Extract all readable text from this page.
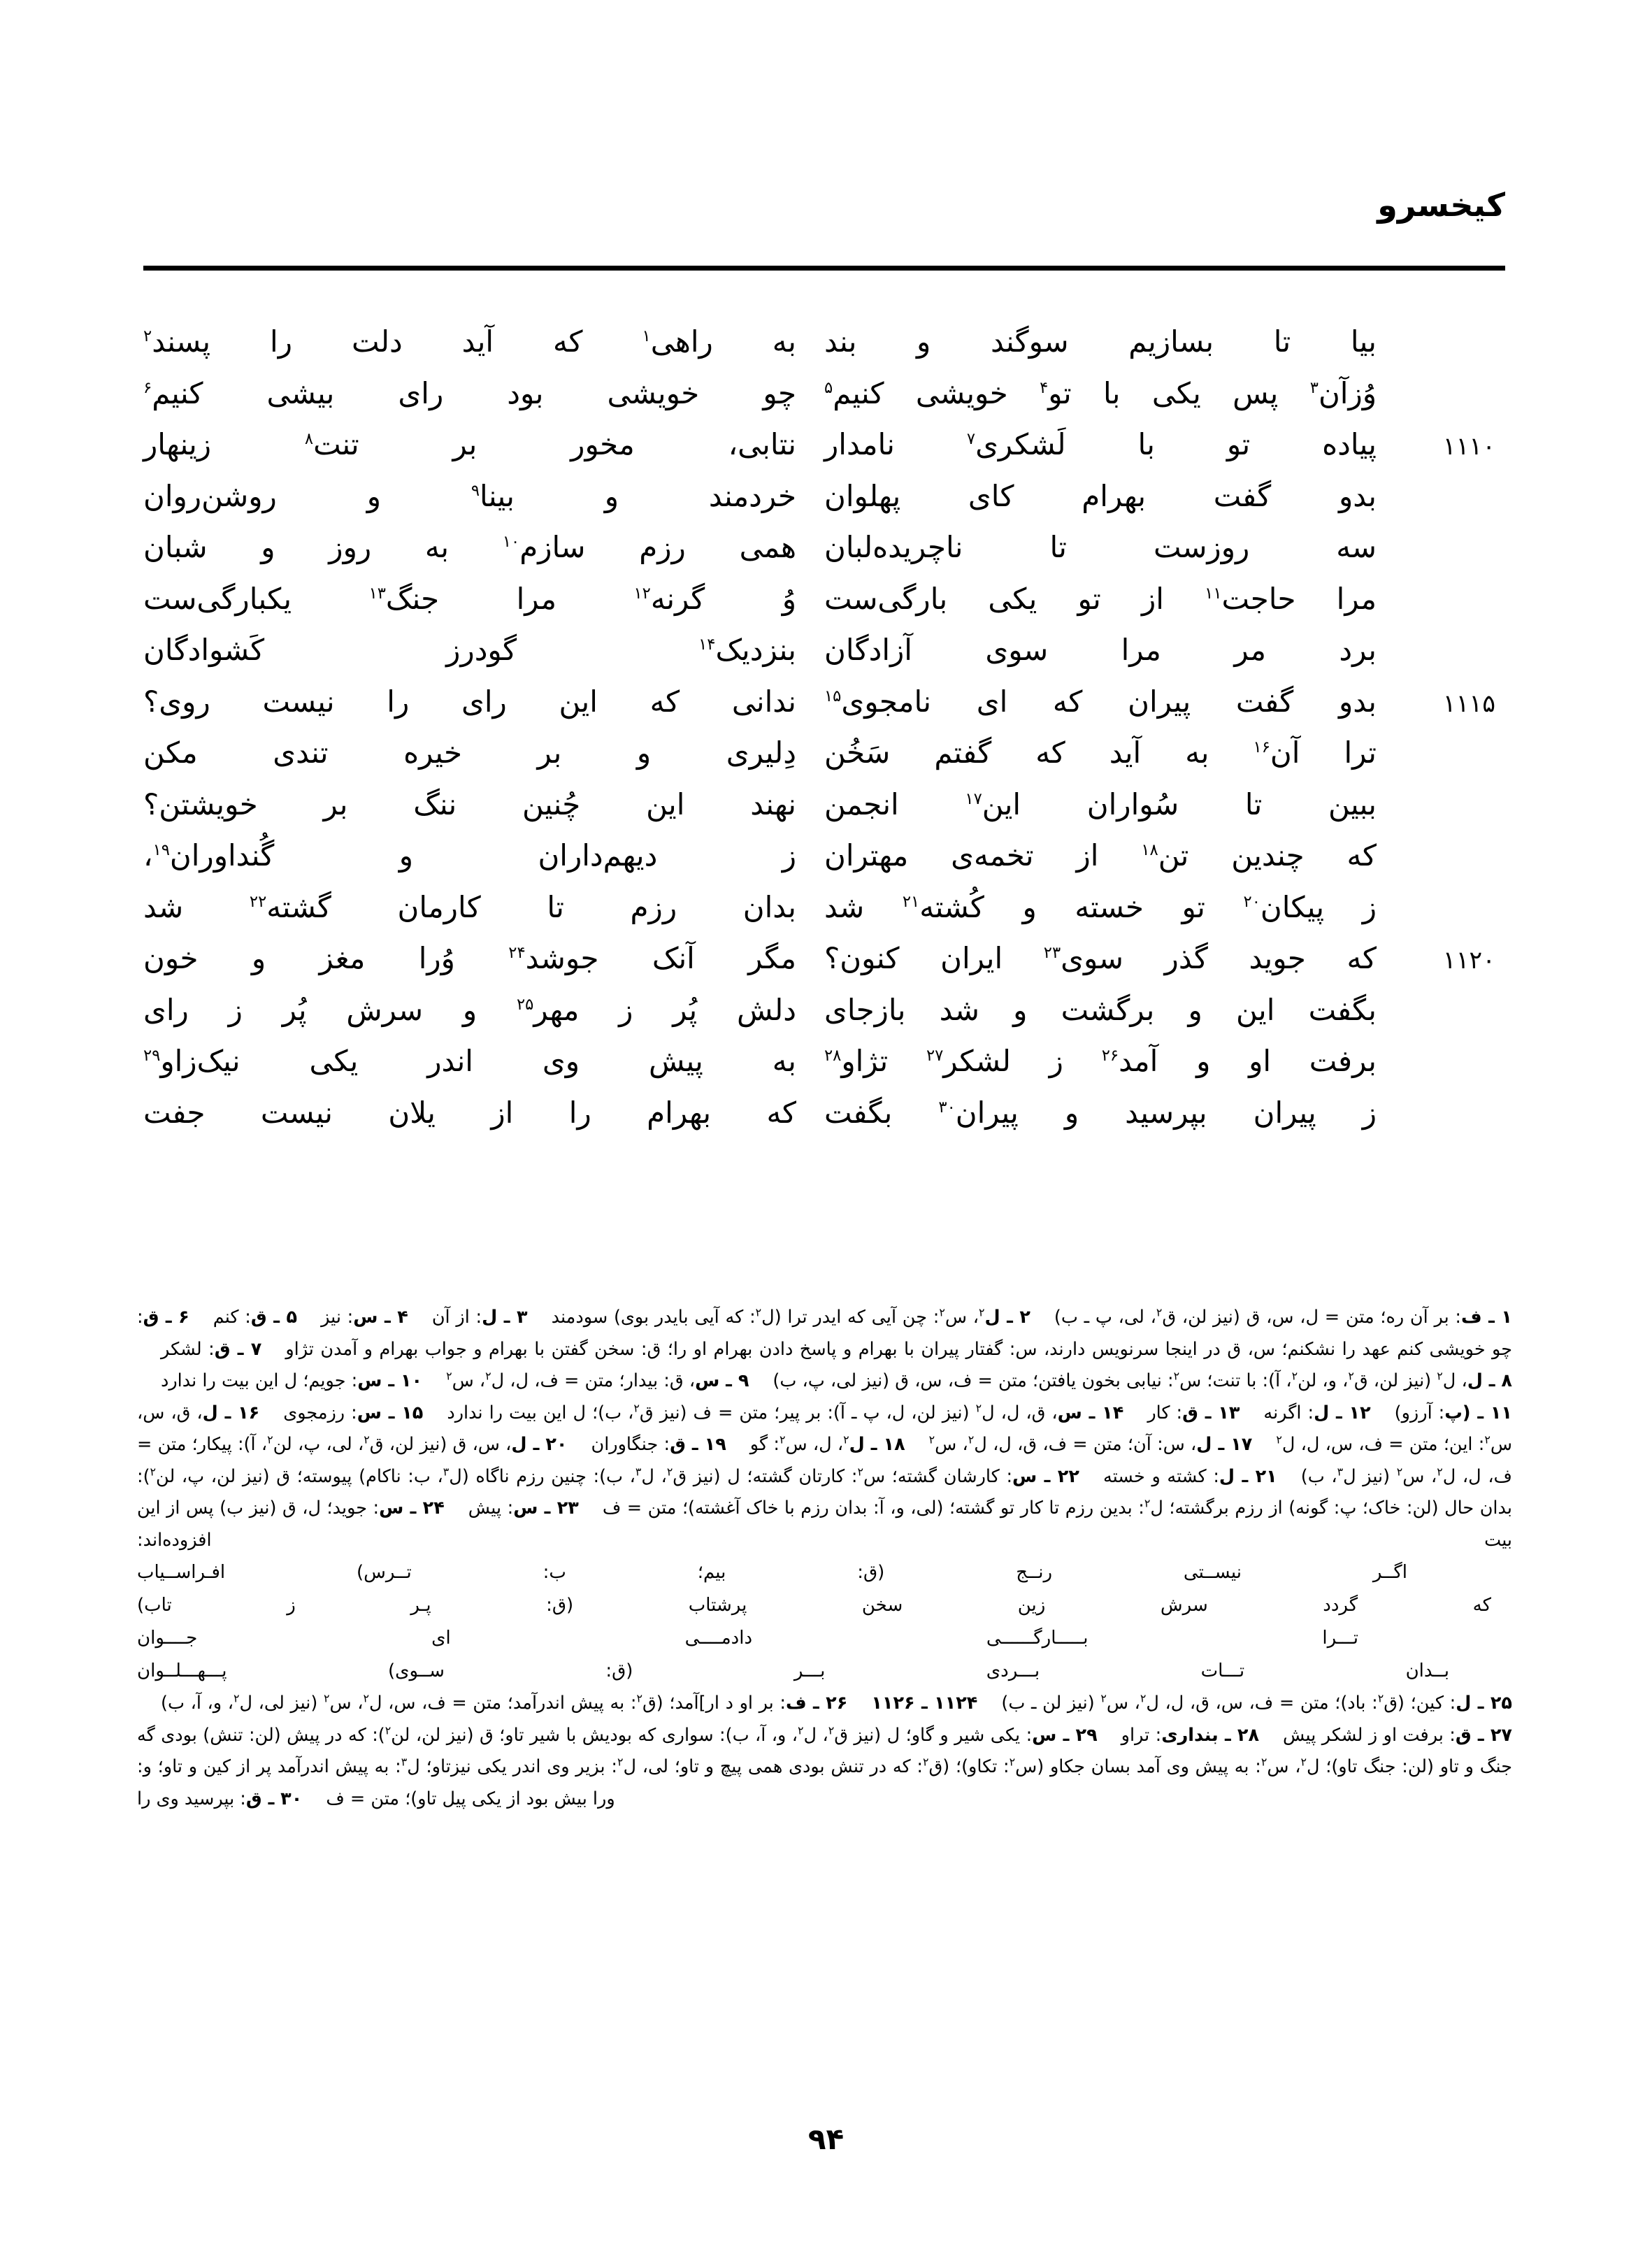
کیخسرو
بیا تا بسازیم سوگند و بند
به راهی$^۱$ که آید دلت را پسند$^۲$
وُزآن$^۳$ پس یکی با تو$^۴$ خویشی کنیم$^۵$
چو خویشی بود رای بیشی کنیم$^۶$
۱۱۱۰
پیاده تو با لَشکری$^۷$ نامدار
نتابی، مخور بر تنت$^۸$ زینهار
بدو گفت بهرام کای پهلوان
خردمند و بینا$^۹$ و روشن‌روان
سه روزست تا ناچریده‌لبان
همی رزم سازم$^{۱۰}$ به روز و شبان
مرا حاجت$^{۱۱}$ از تو یکی بارگی‌ست
وُ گرنه$^{۱۲}$ مرا جنگ$^{۱۳}$ یکبارگی‌ست
برد مر مرا سوی آزادگان
بنزدیک$^{۱۴}$ گودرز کَشوادگان
۱۱۱۵
بدو گفت پیران که ای نامجوی$^{۱۵}$
ندانی که این رای را نیست روی؟
ترا آن$^{۱۶}$ به آید که گفتم سَخُن
دِلیری و بر خیره تندی مکن
ببین تا سُواران این$^{۱۷}$ انجمن
نهند این چُنین ننگ بر خویشتن؟
که چندین تن$^{۱۸}$ از تخمه‌ی مهتران
ز دیهم‌داران و گُنداوران$^{۱۹}$،
ز پیکان$^{۲۰}$ تو خسته و کُشته$^{۲۱}$ شد
بدان رزم تا کارمان گشته$^{۲۲}$ شد
۱۱۲۰
که جوید گذر سوی$^{۲۳}$ ایران کنون؟
مگر آنک جوشد$^{۲۴}$ وُرا مغز و خون
بگفت این و برگشت و شد بازجای
دلش پُر ز مهر$^{۲۵}$ و سرش پُر ز رای
برفت او و آمد$^{۲۶}$ ز لشکر$^{۲۷}$ تژاو$^{۲۸}$
به پیش وی اندر یکی نیک‌زاو$^{۲۹}$
ز پیران بپرسید و پیران$^{۳۰}$ بگفت
که بهرام را از یلان نیست جفت
۱ ـ ف: بر آن ره؛ متن = ل، س، ق (نیز لن، ق$^۲$، لی، پ ـ ب)۲ ـ ل$^۲$، س$^۲$: چن آیی که ایدر ترا (ل$^۲$: که آیی بایدر بوی) سودمند۳ ـ ل: از آن۴ ـ س: نیز۵ ـ ق: کنم۶ ـ ق: چو خویشی کنم عهد را نشکنم؛ س، ق در اینجا سرنویس دارند، س: گفتار پیران با بهرام و پاسخ دادن بهرام او را؛ ق: سخن گفتن با بهرام و جواب بهرام و آمدن تژاو۷ ـ ق: لشکر۸ ـ ل، ل$^۲$ (نیز لن، ق$^۲$، و، لن$^۲$، آ): با تنت؛ س$^۲$: نیابی بخون یافتن؛ متن = ف، س، ق (نیز لی، پ، ب)۹ ـ س، ق: بیدار؛ متن = ف، ل، ل$^۲$، س$^۲$۱۰ ـ س: جویم؛ ل این بیت را ندارد۱۱ ـ (پ: آرزو)۱۲ ـ ل: اگرنه۱۳ ـ ق: کار۱۴ ـ س، ق، ل، ل$^۲$ (نیز لن، ل، پ ـ آ): بر پیر؛ متن = ف (نیز ق$^۲$، ب)؛ ل این بیت را ندارد۱۵ ـ س: رزمجوی۱۶ ـ ل، ق، س، س$^۲$: این؛ متن = ف، س، ل، ل$^۲$۱۷ ـ ل، س: آن؛ متن = ف، ق، ل، ل$^۲$، س$^۲$۱۸ ـ ل$^۲$، ل، س$^۲$: گو۱۹ ـ ق: جنگاوران۲۰ ـ ل، س، ق (نیز لن، ق$^۲$، لی، پ، لن$^۲$، آ): پیکار؛ متن = ف، ل، ل$^۲$، س$^۲$ (نیز ل$^۳$، ب)۲۱ ـ ل: کشته و خسته۲۲ ـ س: کارشان گشته؛ س$^۲$: کارتان گشته؛ ل (نیز ق$^۲$، ل$^۳$، ب): چنین رزم ناگاه (ل$^۳$، ب: ناکام) پیوسته؛ ق (نیز لن، پ، لن$^۲$): بدان حال (لن: خاک؛ پ: گونه) از رزم برگشته؛ ل$^۲$: بدین رزم تا کار تو گشته؛ (لی، و، آ: بدان رزم با خاک آغشته)؛ متن = ف۲۳ ـ س: پیش۲۴ ـ س: جوید؛ ل، ق (نیز ب) پس از این بیت افزوده‌اند:
اگــر نیســتی رنــج (ق: بیم؛ ب: تــرس) افـراســیاب
که گردد سرش زین سخن پرشتاب (ق: پـر ز تاب)
تـــرا بـــــارگــــــی دادمــــی ای جــــوان
بــدان تـــات بـــردی بـــر (ق: ســوی) پـــهـــلــوان
۲۵ ـ ل: کین؛ (ق$^۲$: باد)؛ متن = ف، س، ق، ل، ل$^۲$، س$^۲$ (نیز لن ـ ب)۱۱۲۴ ـ ۱۱۲۶۲۶ ـ ف: بر او د ار]آمد؛ (ق$^۲$: به پیش اندرآمد؛ متن = ف، س، ل$^۲$، س$^۲$ (نیز لی، ل$^۲$، و، آ، ب)۲۷ ـ ق: برفت او ز لشکر پیش۲۸ ـ بنداری: تراو۲۹ ـ س: یکی شیر و گاو؛ ل (نیز ق$^۲$، ل$^۲$، و، آ، ب): سواری که بودیش با شیر تاو؛ ق (نیز لن، لن$^۲$): که در پیش (لن: تنش) بودی گه جنگ و تاو (لن: جنگ تاو)؛ ل$^۲$، س$^۲$: به پیش وی آمد بسان جکاو (س$^۲$: تکاو)؛ (ق$^۲$: که در تنش بودی همی پیچ و تاو؛ لی، ل$^۲$: بزیر وی اندر یکی نیزتاو؛ ل$^۳$: به پیش اندرآمد پر از کین و تاو؛ و: ورا بیش بود از یکی پیل تاو)؛ متن = ف۳۰ ـ ق: بپرسید وی را
۹۴
